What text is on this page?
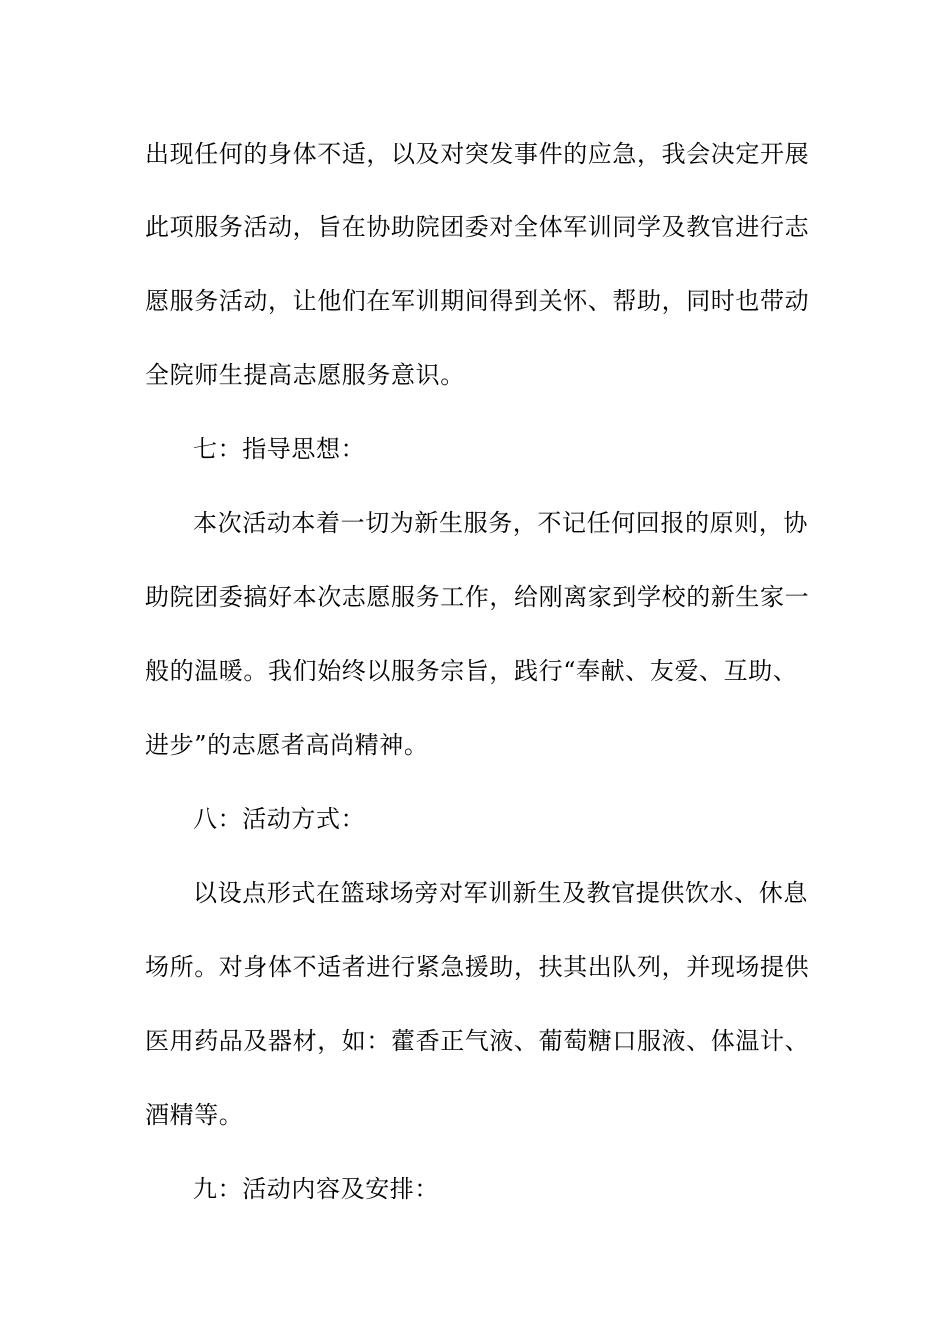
出现任何的身体不适，以及对突发事件的应急，我会决定开展
此项服务活动，旨在协助院团委对全体军训同学及教官进行志
愿服务活动，让他们在军训期间得到关怀、帮助，同时也带动
全院师生提高志愿服务意识。
七：指导思想：
本次活动本着一切为新生服务，不记任何回报的原则，协
助院团委搞好本次志愿服务工作，给刚离家到学校的新生家一
般的温暖。我们始终以服务宗旨，践行“奉献、友爱、互助、
进步”的志愿者高尚精神。
八：活动方式：
以设点形式在篮球场旁对军训新生及教官提供饮水、休息
场所。对身体不适者进行紧急援助，扶其出队列，并现场提供
医用药品及器材，如：藿香正气液、葡萄糖口服液、体温计、
酒精等。
九：活动内容及安排：
